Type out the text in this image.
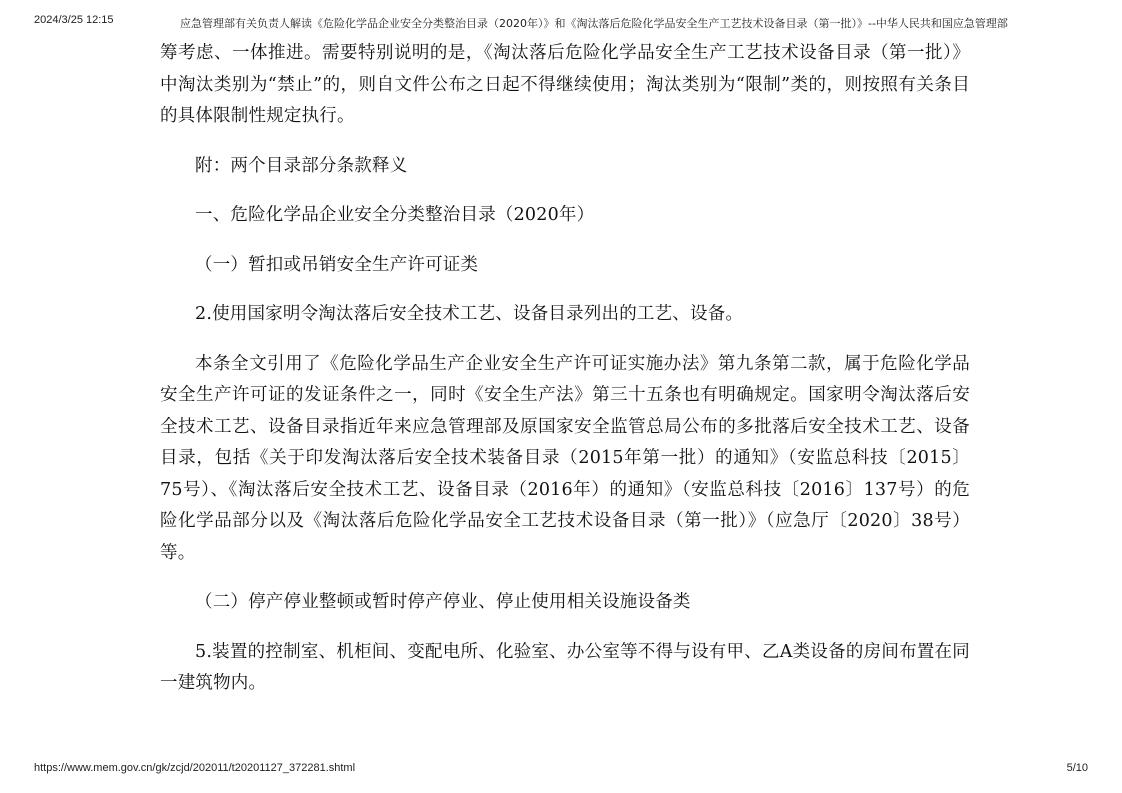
2024/3/25 12:15	应急管理部有关负责人解读《危险化学品企业安全分类整治目录（2020年）》和《淘汰落后危险化学品安全生产工艺技术设备目录（第一批）》--中华人民共和国应急管理部

筹考虑、一体推进。需要特别说明的是，《淘汰落后危险化学品安全生产工艺技术设备目录（第一批）》中淘汰类别为“禁止”的，则自文件公布之日起不得继续使用；淘汰类别为“限制”类的，则按照有关条目的具体限制性规定执行。

附：两个目录部分条款释义

一、危险化学品企业安全分类整治目录（2020年）

（一）暂扣或吊销安全生产许可证类

2.使用国家明令淘汰落后安全技术工艺、设备目录列出的工艺、设备。

本条全文引用了《危险化学品生产企业安全生产许可证实施办法》第九条第二款，属于危险化学品安全生产许可证的发证条件之一，同时《安全生产法》第三十五条也有明确规定。国家明令淘汰落后安全技术工艺、设备目录指近年来应急管理部及原国家安全监管总局公布的多批落后安全技术工艺、设备目录，包括《关于印发淘汰落后安全技术装备目录（2015年第一批）的通知》（安监总科技〔2015〕75号）、《淘汰落后安全技术工艺、设备目录（2016年）的通知》（安监总科技〔2016〕137号）的危险化学品部分以及《淘汰落后危险化学品安全工艺技术设备目录（第一批）》（应急厅〔2020〕38号）等。

（二）停产停业整顿或暂时停产停业、停止使用相关设施设备类

5.装置的控制室、机柜间、变配电所、化验室、办公室等不得与设有甲、乙A类设备的房间布置在同一建筑物内。

https://www.mem.gov.cn/gk/zcjd/202011/t20201127_372281.shtml	5/10
